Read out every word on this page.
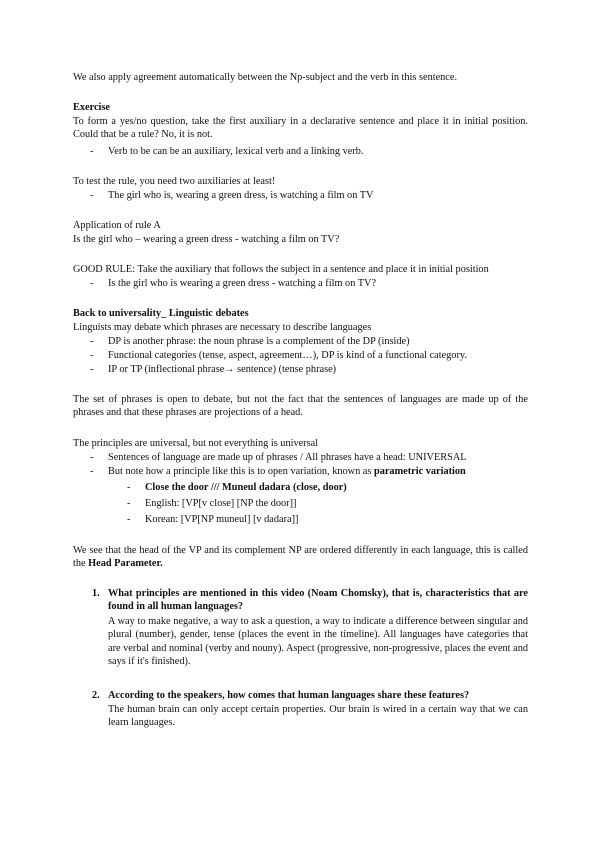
We also apply agreement automatically between the Np-subject and the verb in this sentence.

Exercise

To form a yes/no question, take the first auxiliary in a declarative sentence and place it in initial position. Could that be a rule? No, it is not.

- Verb to be can be an auxiliary, lexical verb and a linking verb.

To test the rule, you need two auxiliaries at least!

- The girl who is, wearing a green dress, is watching a film on TV

Application of rule A

Is the girl who – wearing a green dress - watching a film on TV?

GOOD RULE: Take the auxiliary that follows the subject in a sentence and place it in initial position

- Is the girl who is wearing a green dress - watching a film on TV?

Back to universality_ Linguistic debates

Linguists may debate which phrases are necessary to describe languages

- DP is another phrase: the noun phrase is a complement of the DP (inside)
- Functional categories (tense, aspect, agreement…), DP is kind of a functional category.
- IP or TP (inflectional phrase→ sentence) (tense phrase)

The set of phrases is open to debate, but not the fact that the sentences of languages are made up of the phrases and that these phrases are projections of a head.

The principles are universal, but not everything is universal

- Sentences of language are made up of phrases / All phrases have a head: UNIVERSAL
- But note how a principle like this is to open variation, known as parametric variation
- Close the door /// Muneul dadara (close, door)
- English: [VP[v close] [NP the door]]
- Korean: [VP[NP muneul] [v dadara]]

We see that the head of the VP and its complement NP are ordered differently in each language, this is called the Head Parameter.

1. What principles are mentioned in this video (Noam Chomsky), that is, characteristics that are found in all human languages?
A way to make negative, a way to ask a question, a way to indicate a difference between singular and plural (number), gender, tense (places the event in the timeline). All languages have categories that are verbal and nominal (verby and nouny). Aspect (progressive, non-progressive, places the event and says if it's finished).
2. According to the speakers, how comes that human languages share these features?
The human brain can only accept certain properties. Our brain is wired in a certain way that we can learn languages.
